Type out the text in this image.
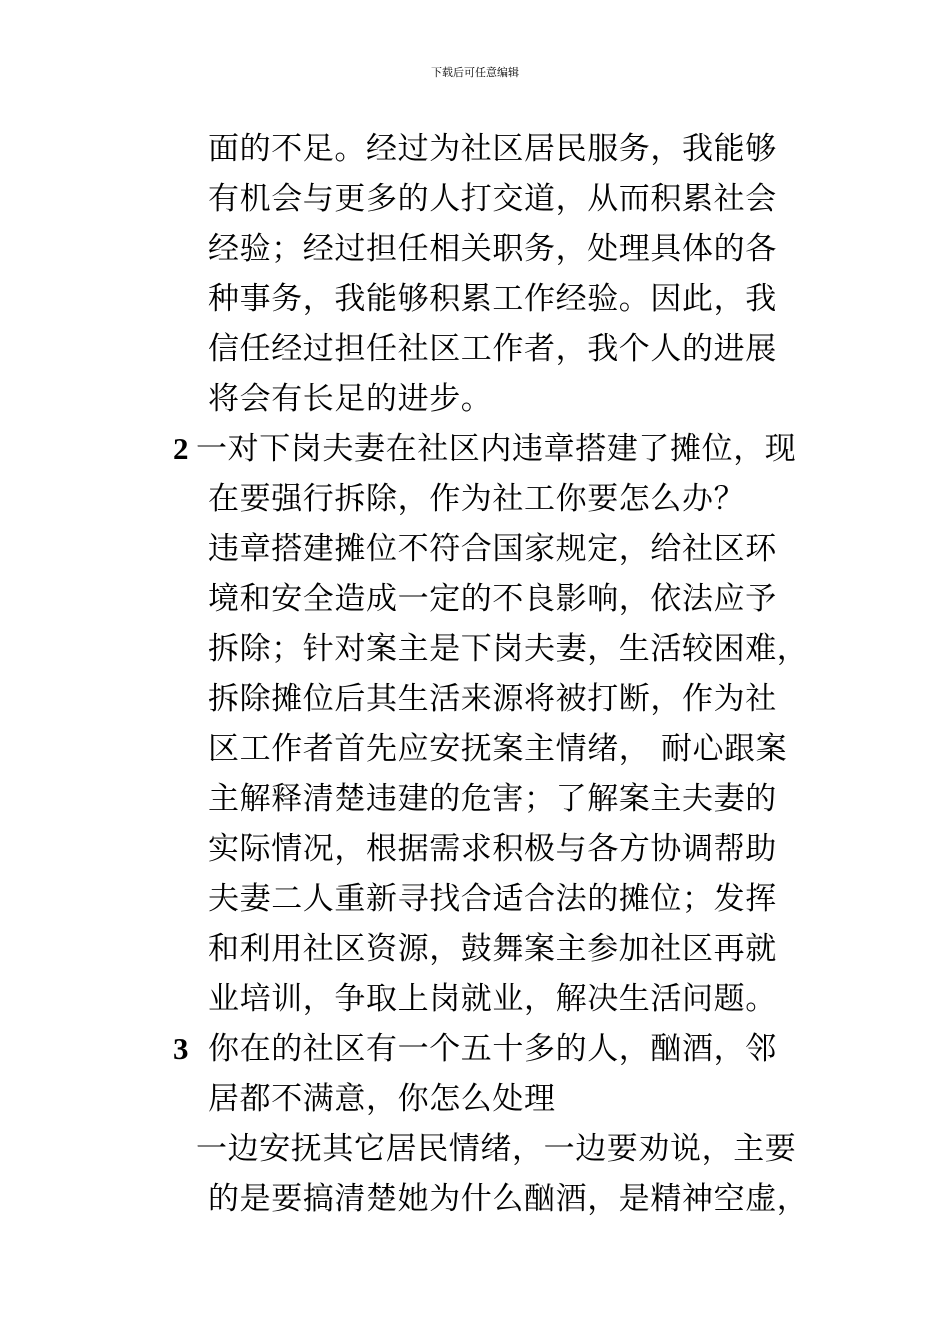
下载后可任意编辑
面的不足。经过为社区居民服务，我能够
有机会与更多的人打交道，从而积累社会
经验；经过担任相关职务，处理具体的各
种事务，我能够积累工作经验。因此，我
信任经过担任社区工作者，我个人的进展
将会有长足的进步。
2 一对下岗夫妻在社区内违章搭建了摊位，现
在要强行拆除，作为社工你要怎么办？
违章搭建摊位不符合国家规定，给社区环
境和安全造成一定的不良影响，依法应予
拆除；针对案主是下岗夫妻，生活较困难，
拆除摊位后其生活来源将被打断，作为社
区工作者首先应安抚案主情绪， 耐心跟案
主解释清楚违建的危害；了解案主夫妻的
实际情况，根据需求积极与各方协调帮助
夫妻二人重新寻找合适合法的摊位；发挥
和利用社区资源，鼓舞案主参加社区再就
业培训，争取上岗就业，解决生活问题。
3 你在的社区有一个五十多的人，酗酒，邻
居都不满意，你怎么处理
一边安抚其它居民情绪，一边要劝说，主要
的是要搞清楚她为什么酗酒，是精神空虚，
